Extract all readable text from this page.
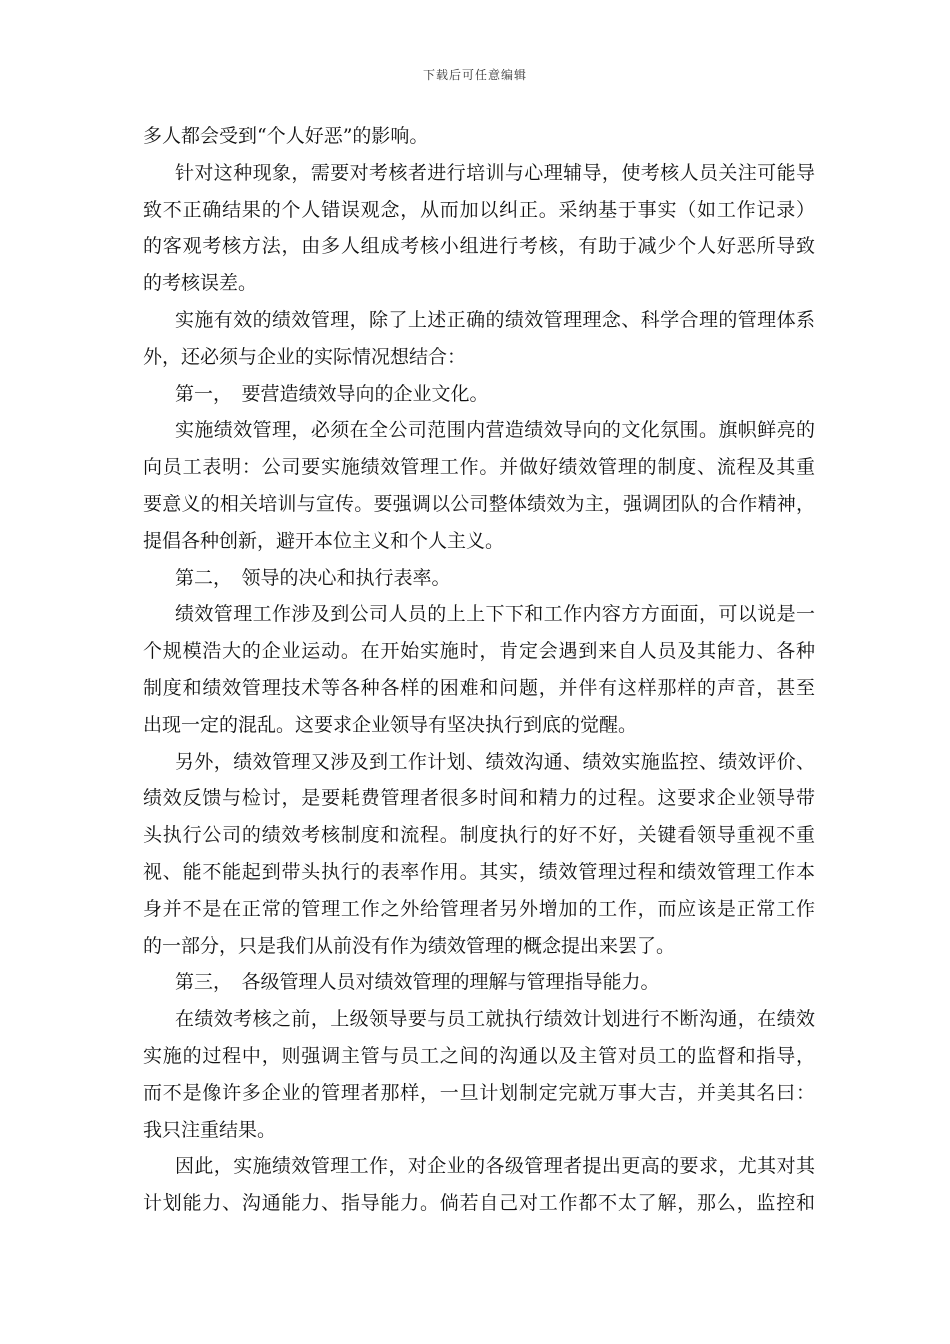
下载后可任意编辑
多人都会受到“个人好恶”的影响。
针对这种现象，需要对考核者进行培训与心理辅导，使考核人员关注可能导
致不正确结果的个人错误观念，从而加以纠正。采纳基于事实（如工作记录）
的客观考核方法，由多人组成考核小组进行考核，有助于减少个人好恶所导致
的考核误差。
实施有效的绩效管理，除了上述正确的绩效管理理念、科学合理的管理体系
外，还必须与企业的实际情况想结合：
第一，　要营造绩效导向的企业文化。
实施绩效管理，必须在全公司范围内营造绩效导向的文化氛围。旗帜鲜亮的
向员工表明：公司要实施绩效管理工作。并做好绩效管理的制度、流程及其重
要意义的相关培训与宣传。要强调以公司整体绩效为主，强调团队的合作精神，
提倡各种创新，避开本位主义和个人主义。
第二，　领导的决心和执行表率。
绩效管理工作涉及到公司人员的上上下下和工作内容方方面面，可以说是一
个规模浩大的企业运动。在开始实施时，肯定会遇到来自人员及其能力、各种
制度和绩效管理技术等各种各样的困难和问题，并伴有这样那样的声音，甚至
出现一定的混乱。这要求企业领导有坚决执行到底的觉醒。
另外，绩效管理又涉及到工作计划、绩效沟通、绩效实施监控、绩效评价、
绩效反馈与检讨，是要耗费管理者很多时间和精力的过程。这要求企业领导带
头执行公司的绩效考核制度和流程。制度执行的好不好，关键看领导重视不重
视、能不能起到带头执行的表率作用。其实，绩效管理过程和绩效管理工作本
身并不是在正常的管理工作之外给管理者另外增加的工作，而应该是正常工作
的一部分，只是我们从前没有作为绩效管理的概念提出来罢了。
第三，　各级管理人员对绩效管理的理解与管理指导能力。
在绩效考核之前，上级领导要与员工就执行绩效计划进行不断沟通，在绩效
实施的过程中，则强调主管与员工之间的沟通以及主管对员工的监督和指导，
而不是像许多企业的管理者那样，一旦计划制定完就万事大吉，并美其名曰：
我只注重结果。
因此，实施绩效管理工作，对企业的各级管理者提出更高的要求，尤其对其
计划能力、沟通能力、指导能力。倘若自己对工作都不太了解，那么，监控和
